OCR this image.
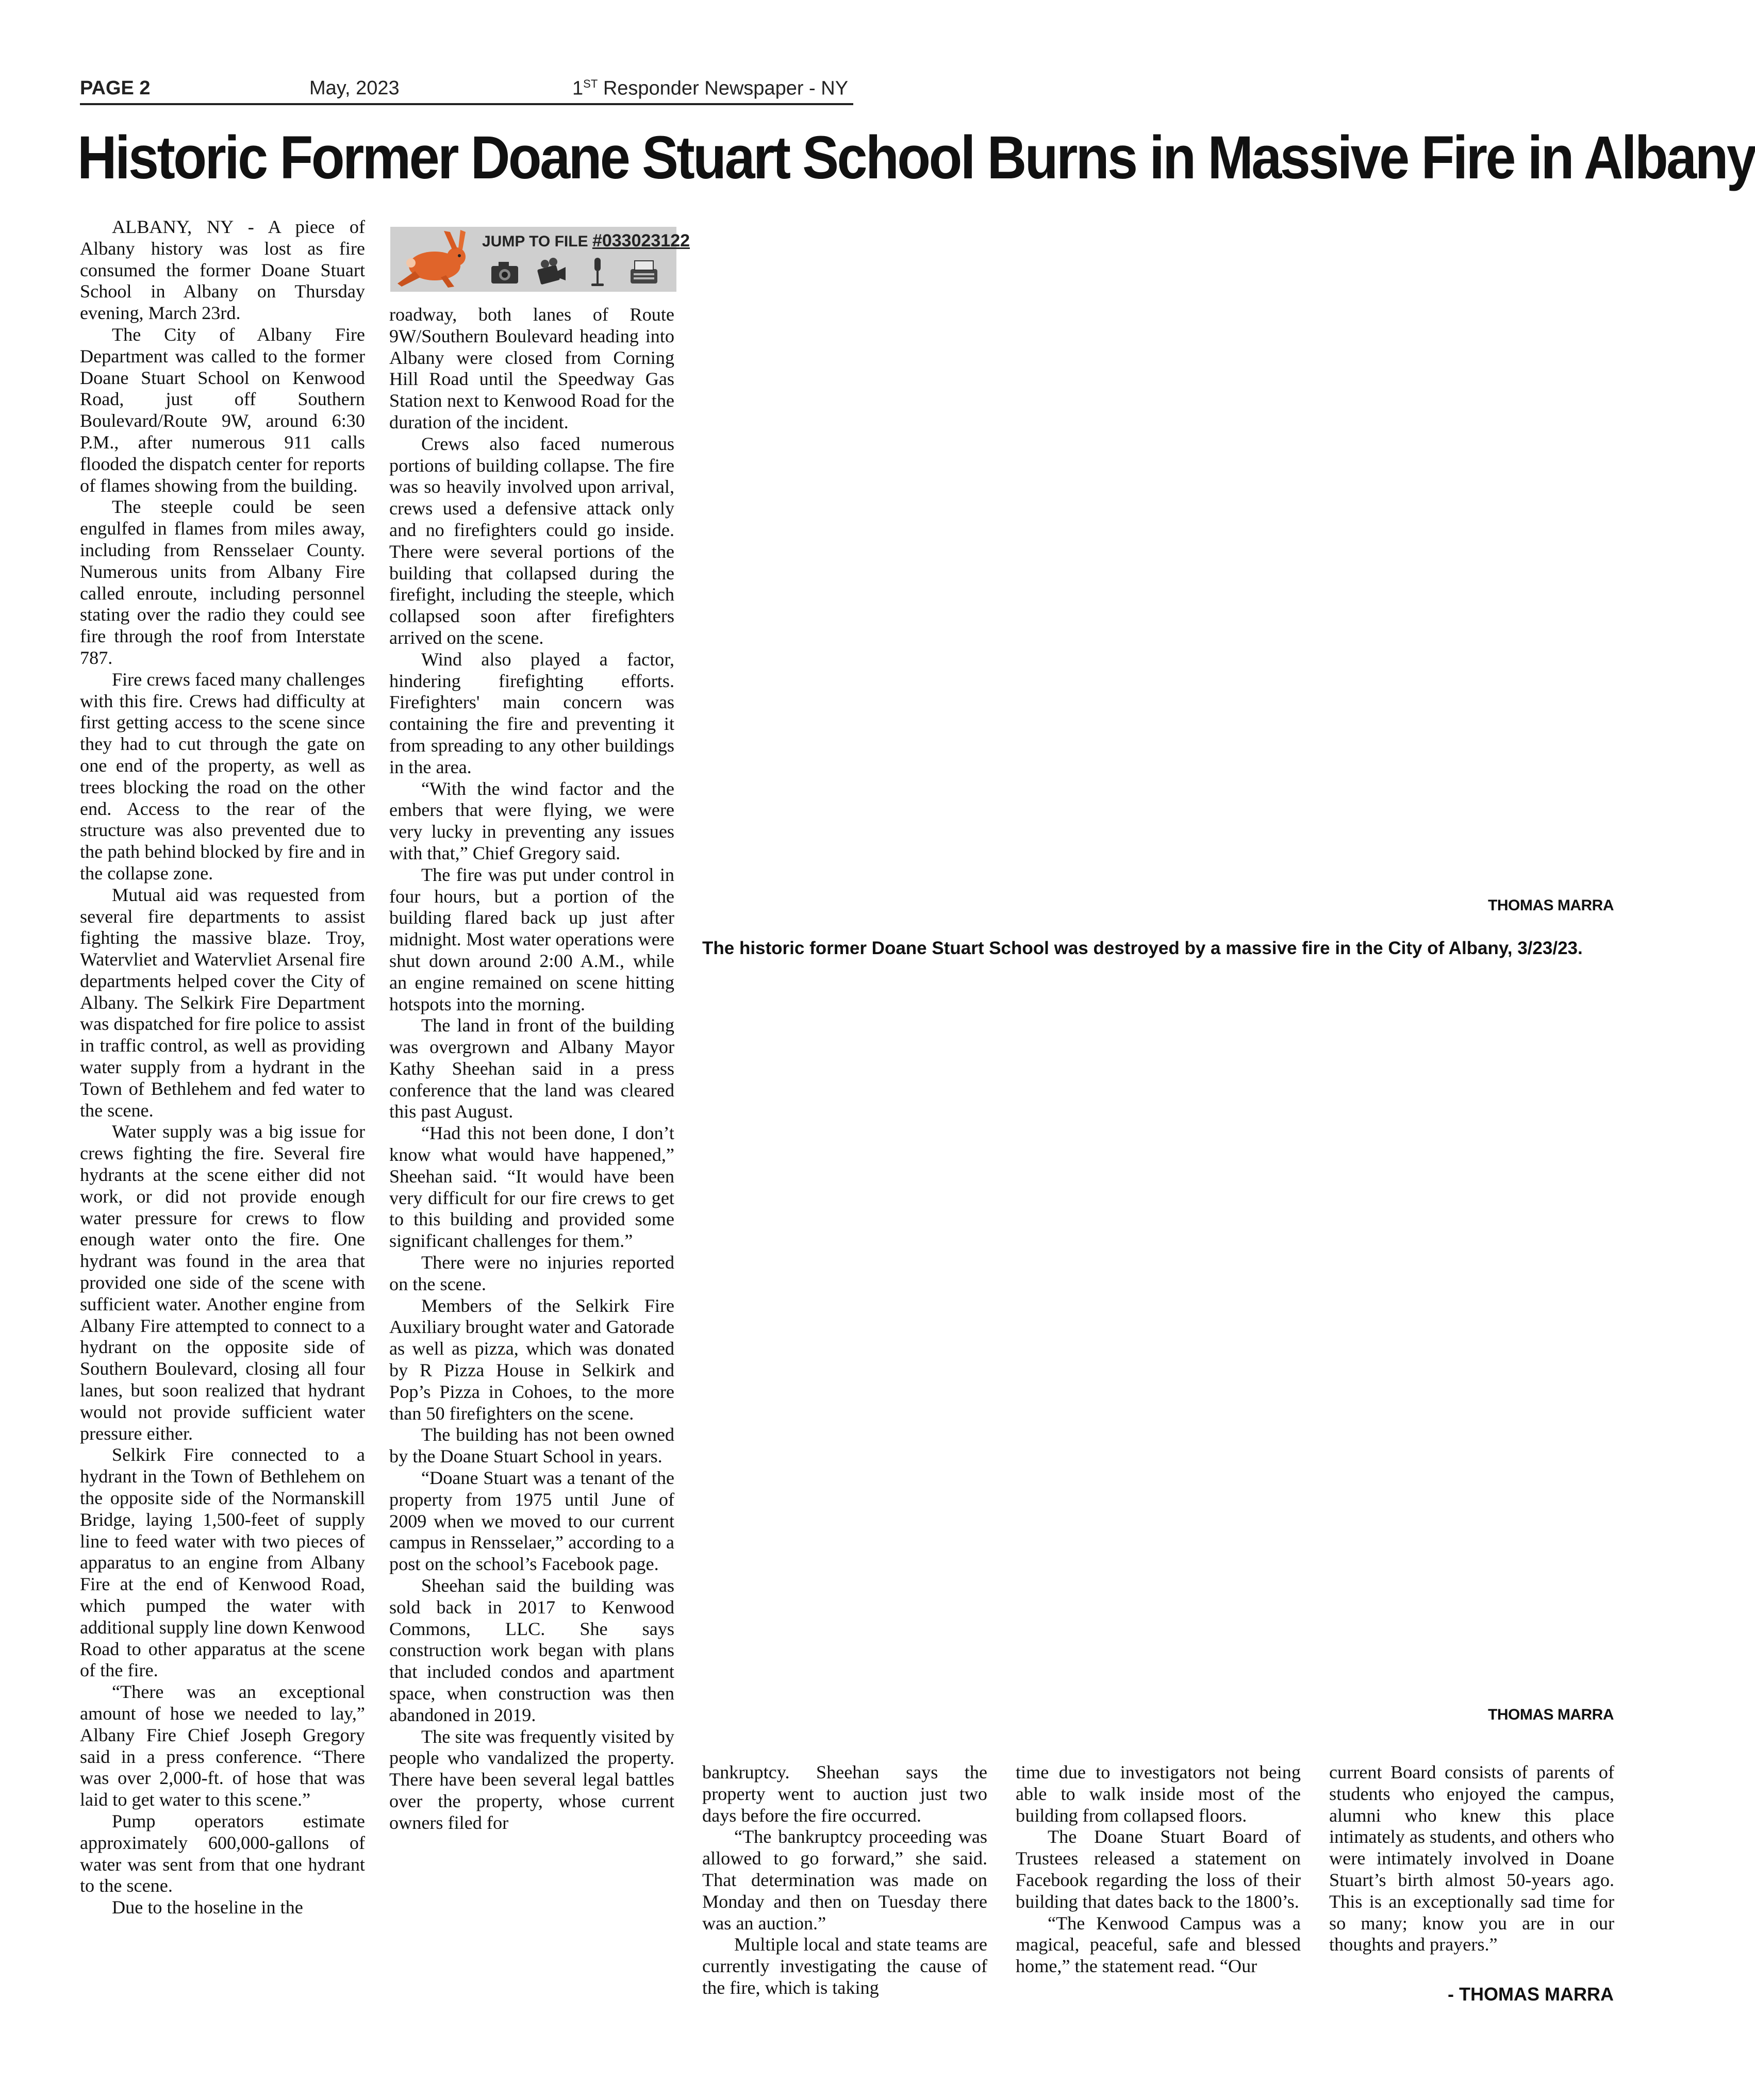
PAGE 2	May, 2023	1ST Responder Newspaper - NY
Historic Former Doane Stuart School Burns in Massive Fire in Albany

ALBANY, NY - A piece of Albany history was lost as fire consumed the former Doane Stuart School in Albany on Thursday evening, March 23rd.

The City of Albany Fire Department was called to the former Doane Stuart School on Kenwood Road, just off Southern Boulevard/Route 9W, around 6:30 P.M., after numerous 911 calls flooded the dispatch center for reports of flames showing from the building.

The steeple could be seen engulfed in flames from miles away, including from Rensselaer County. Numerous units from Albany Fire called enroute, including personnel stating over the radio they could see fire through the roof from Interstate 787.

Fire crews faced many challenges with this fire. Crews had difficulty at first getting access to the scene since they had to cut through the gate on one end of the property, as well as trees blocking the road on the other end. Access to the rear of the structure was also prevented due to the path behind blocked by fire and in the collapse zone.

Mutual aid was requested from several fire departments to assist fighting the massive blaze. Troy, Watervliet and Watervliet Arsenal fire departments helped cover the City of Albany. The Selkirk Fire Department was dispatched for fire police to assist in traffic control, as well as providing water supply from a hydrant in the Town of Bethlehem and fed water to the scene.

Water supply was a big issue for crews fighting the fire. Several fire hydrants at the scene either did not work, or did not provide enough water pressure for crews to flow enough water onto the fire. One hydrant was found in the area that provided one side of the scene with sufficient water. Another engine from Albany Fire attempted to connect to a hydrant on the opposite side of Southern Boulevard, closing all four lanes, but soon realized that hydrant would not provide sufficient water pressure either.

Selkirk Fire connected to a hydrant in the Town of Bethlehem on the opposite side of the Normanskill Bridge, laying 1,500-feet of supply line to feed water with two pieces of apparatus to an engine from Albany Fire at the end of Kenwood Road, which pumped the water with additional supply line down Kenwood Road to other apparatus at the scene of the fire.

“There was an exceptional amount of hose we needed to lay,” Albany Fire Chief Joseph Gregory said in a press conference. “There was over 2,000-ft. of hose that was laid to get water to this scene.”

Pump operators estimate approximately 600,000-gallons of water was sent from that one hydrant to the scene.

Due to the hoseline in the

JUMP TO FILE #033023122

roadway, both lanes of Route 9W/Southern Boulevard heading into Albany were closed from Corning Hill Road until the Speedway Gas Station next to Kenwood Road for the duration of the incident.

Crews also faced numerous portions of building collapse. The fire was so heavily involved upon arrival, crews used a defensive attack only and no firefighters could go inside. There were several portions of the building that collapsed during the firefight, including the steeple, which collapsed soon after firefighters arrived on the scene.

Wind also played a factor, hindering firefighting efforts. Firefighters' main concern was containing the fire and preventing it from spreading to any other buildings in the area.

“With the wind factor and the embers that were flying, we were very lucky in preventing any issues with that,” Chief Gregory said.

The fire was put under control in four hours, but a portion of the building flared back up just after midnight. Most water operations were shut down around 2:00 A.M., while an engine remained on scene hitting hotspots into the morning.

The land in front of the building was overgrown and Albany Mayor Kathy Sheehan said in a press conference that the land was cleared this past August.

“Had this not been done, I don’t know what would have happened,” Sheehan said. “It would have been very difficult for our fire crews to get to this building and provided some significant challenges for them.”

There were no injuries reported on the scene.

Members of the Selkirk Fire Auxiliary brought water and Gatorade as well as pizza, which was donated by R Pizza House in Selkirk and Pop’s Pizza in Cohoes, to the more than 50 firefighters on the scene.

The building has not been owned by the Doane Stuart School in years.

“Doane Stuart was a tenant of the property from 1975 until June of 2009 when we moved to our current campus in Rensselaer,” according to a post on the school’s Facebook page.

Sheehan said the building was sold back in 2017 to Kenwood Commons, LLC. She says construction work began with plans that included condos and apartment space, when construction was then abandoned in 2019.

The site was frequently visited by people who vandalized the property. There have been several legal battles over the property, whose current owners filed for

THOMAS MARRA
The historic former Doane Stuart School was destroyed by a massive fire in the City of Albany, 3/23/23.
THOMAS MARRA

bankruptcy. Sheehan says the property went to auction just two days before the fire occurred.

“The bankruptcy proceeding was allowed to go forward,” she said. That determination was made on Monday and then on Tuesday there was an auction.”

Multiple local and state teams are currently investigating the cause of the fire, which is taking

time due to investigators not being able to walk inside most of the building from collapsed floors.

The Doane Stuart Board of Trustees released a statement on Facebook regarding the loss of their building that dates back to the 1800’s.

“The Kenwood Campus was a magical, peaceful, safe and blessed home,” the statement read. “Our

current Board consists of parents of students who enjoyed the campus, alumni who knew this place intimately as students, and others who were intimately involved in Doane Stuart’s birth almost 50-years ago. This is an exceptionally sad time for so many; know you are in our thoughts and prayers.”

- THOMAS MARRA
